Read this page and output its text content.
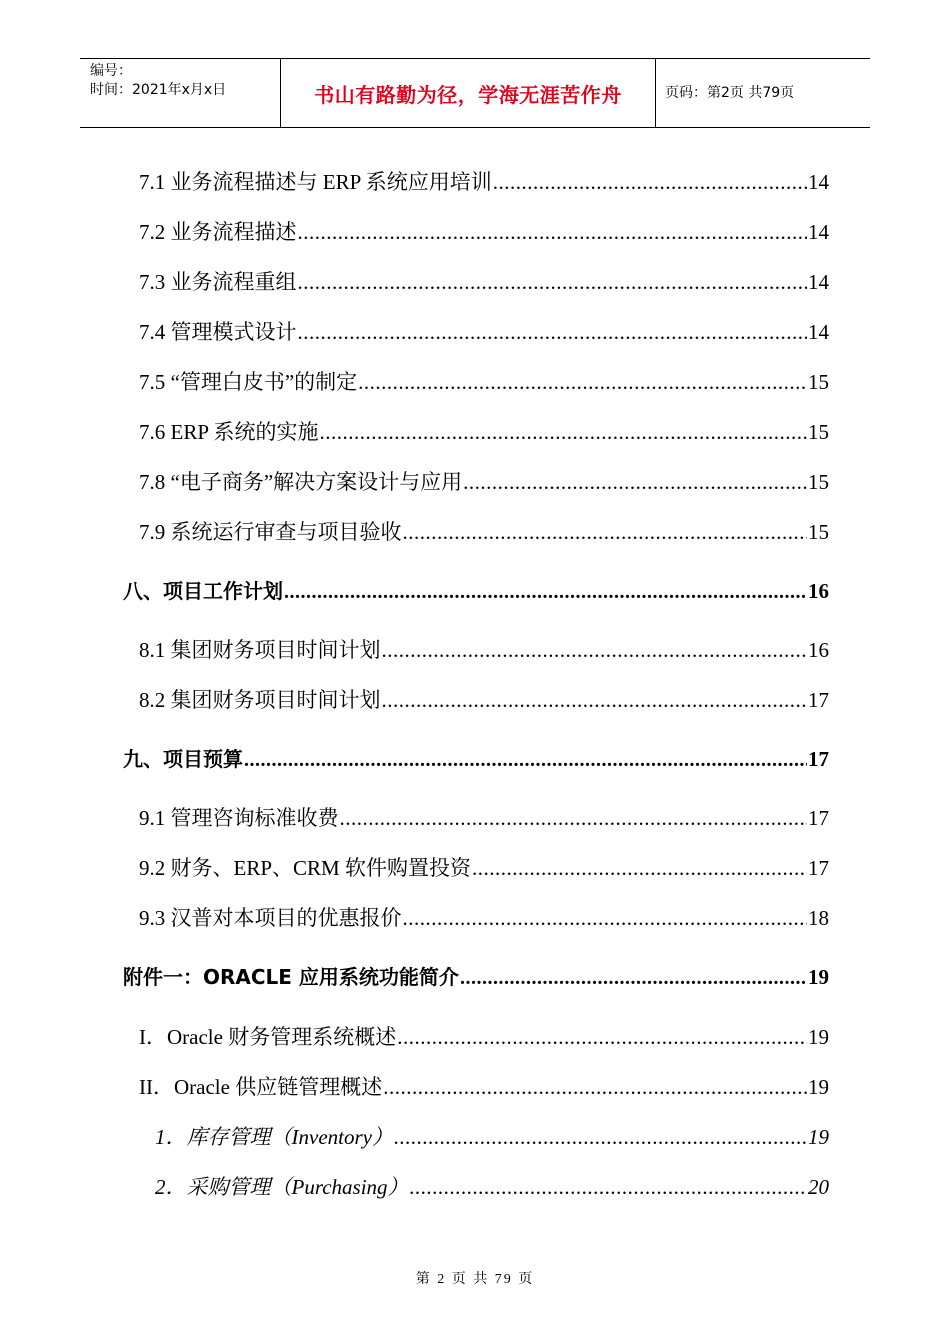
编号：
时间：2021年x月x日	书山有路勤为径，学海无涯苦作舟	页码：第2页 共79页
7.1 业务流程描述与 ERP 系统应用培训 .....	14
7.2 业务流程描述 .....	14
7.3 业务流程重组 .....	14
7.4 管理模式设计 .....	14
7.5 “管理白皮书”的制定 .....	15
7.6 ERP 系统的实施 .....	15
7.8 “电子商务”解决方案设计与应用 .....	15
7.9 系统运行审查与项目验收 .....	15
八、项目工作计划 .....	16
8.1 集团财务项目时间计划 .....	16
8.2 集团财务项目时间计划 .....	17
九、项目预算 .....	17
9.1 管理咨询标准收费 .....	17
9.2 财务、ERP、CRM 软件购置投资 .....	17
9.3 汉普对本项目的优惠报价 .....	18
附件一：ORACLE 应用系统功能简介 .....	19
I．Oracle 财务管理系统概述 .....	19
II．Oracle 供应链管理概述 .....	19
1．库存管理（Inventory） .....	19
2．采购管理（Purchasing） .....	20
第 2 页 共 79 页
